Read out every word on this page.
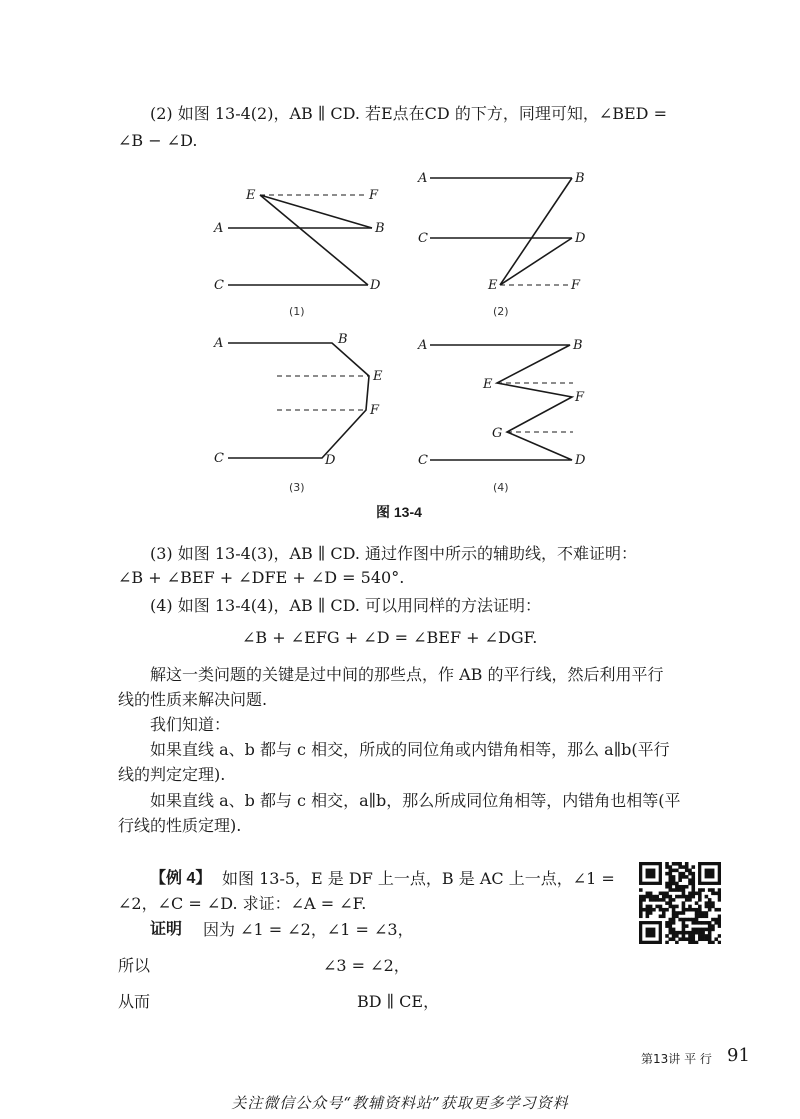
(2) 如图 13-4(2)，AB ∥ CD. 若E点在CD 的下方，同理可知，∠BED =
∠B − ∠D.
E	F
A	B
C	D
A	B
C	D
E	F
A	B
E
F
C	D
A	B
E
F
G
C	D
(1)	(2)
(3)	(4)
图 13-4
(3) 如图 13-4(3)，AB ∥ CD. 通过作图中所示的辅助线，不难证明：
∠B + ∠BEF + ∠DFE + ∠D = 540°.
(4) 如图 13-4(4)，AB ∥ CD. 可以用同样的方法证明：
∠B + ∠EFG + ∠D = ∠BEF + ∠DGF.
解这一类问题的关键是过中间的那些点，作 AB 的平行线，然后利用平行
线的性质来解决问题.
我们知道：
如果直线 a、b 都与 c 相交，所成的同位角或内错角相等，那么 a∥b(平行
线的判定定理).
如果直线 a、b 都与 c 相交，a∥b，那么所成同位角相等，内错角也相等(平
行线的性质定理).
【例 4】 如图 13-5，E 是 DF 上一点，B 是 AC 上一点，∠1 =
∠2，∠C = ∠D. 求证：∠A = ∠F.
证明 因为 ∠1 = ∠2，∠1 = ∠3，
所以	∠3 = ∠2，
从而	BD ∥ CE，
第13讲 平 行 91
关注微信公众号“教辅资料站”获取更多学习资料
